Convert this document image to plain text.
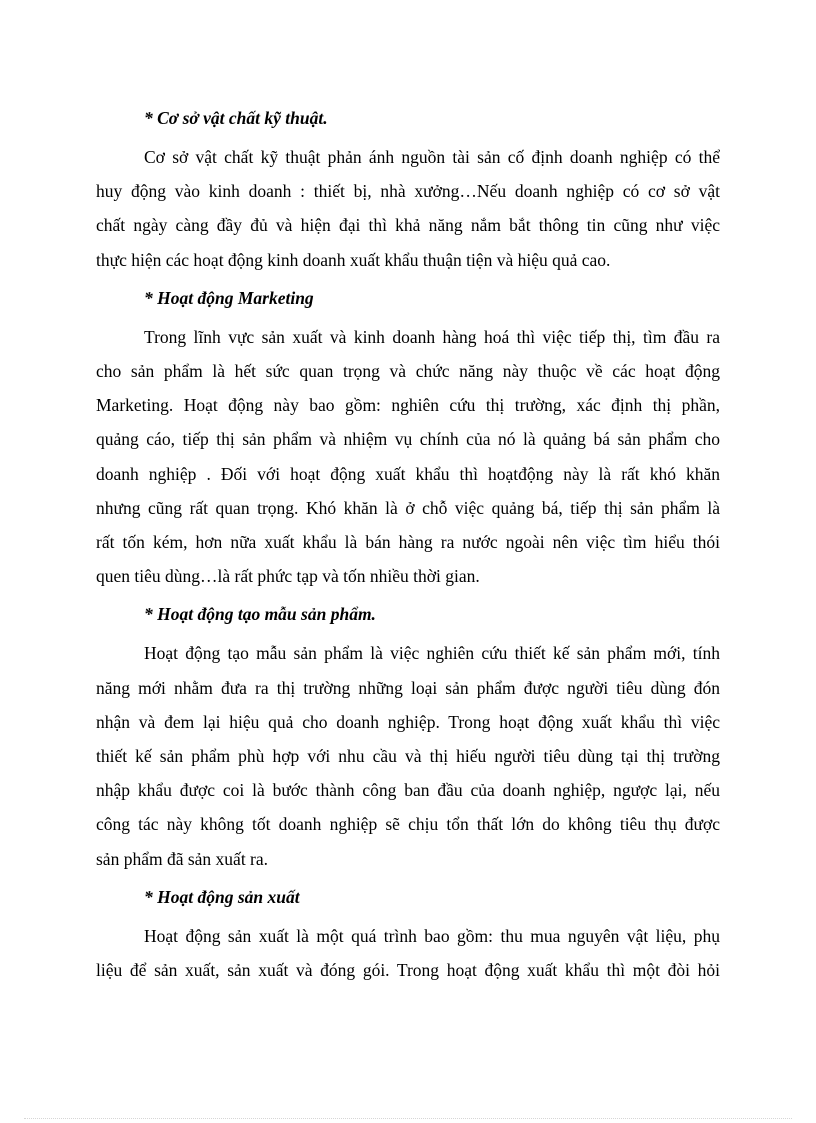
* Cơ sở vật chất kỹ thuật.

Cơ sở vật chất kỹ thuật phản ánh nguồn tài sản cố định doanh nghiệp có thể
huy động vào kinh doanh : thiết bị, nhà xưởng…Nếu doanh nghiệp có cơ sở vật
chất ngày càng đầy đủ và hiện đại thì khả năng nắm bắt thông tin cũng như việc
thực hiện các hoạt động kinh doanh xuất khẩu thuận tiện và hiệu quả cao.

* Hoạt động Marketing

Trong lĩnh vực sản xuất và kinh doanh hàng hoá thì việc tiếp thị, tìm đầu ra
cho sản phẩm là hết sức quan trọng và chức năng này thuộc về các hoạt động
Marketing. Hoạt động này bao gồm: nghiên cứu thị trường, xác định thị phần,
quảng cáo, tiếp thị sản phẩm và nhiệm vụ chính của nó là quảng bá sản phẩm cho
doanh nghiệp . Đối với hoạt động xuất khẩu thì hoạtđộng này là rất khó khăn
nhưng cũng rất quan trọng. Khó khăn là ở chỗ việc quảng bá, tiếp thị sản phẩm là
rất tốn kém, hơn nữa xuất khẩu là bán hàng ra nước ngoài nên việc tìm hiểu thói
quen tiêu dùng…là rất phức tạp và tốn nhiều thời gian.

* Hoạt động tạo mẫu sản phẩm.

Hoạt động tạo mẫu sản phẩm là việc nghiên cứu thiết kế sản phẩm mới, tính
năng mới nhằm đưa ra thị trường những loại sản phẩm được người tiêu dùng đón
nhận và đem lại hiệu quả cho doanh nghiệp. Trong hoạt động xuất khẩu thì việc
thiết kế sản phẩm phù hợp với nhu cầu và thị hiếu người tiêu dùng tại thị trường
nhập khẩu được coi là bước thành công ban đầu của doanh nghiệp, ngược lại, nếu
công tác này không tốt doanh nghiệp sẽ chịu tổn thất lớn do không tiêu thụ được
sản phẩm đã sản xuất ra.

* Hoạt động sản xuất

Hoạt động sản xuất là một quá trình bao gồm: thu mua nguyên vật liệu, phụ
liệu để sản xuất, sản xuất và đóng gói. Trong hoạt động xuất khẩu thì một đòi hỏi
